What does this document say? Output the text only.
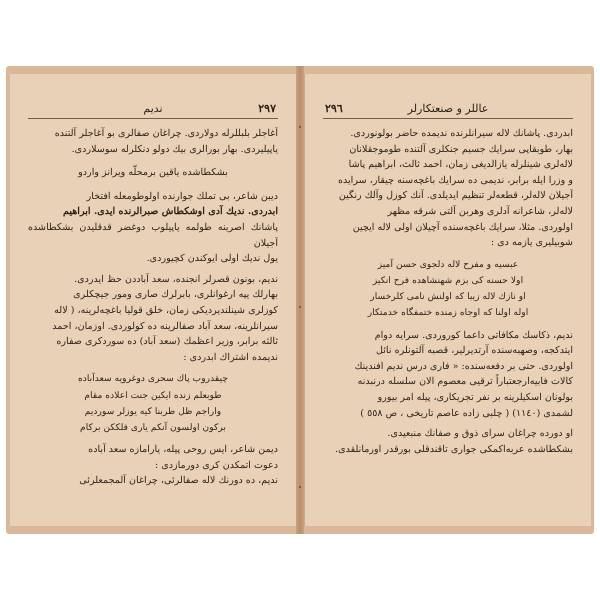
٢٩٧
ندیم

آغاجلر بلبللرله دولاردی. چراغان صفالری بو آغاجلر آلتنده

یاپیلیردی. بهار بورالری بیك دولو دنكلرله سوسلاردی.

بشكطاشده یاقین برمحلّه ویرانز واردو

دیبن شاعر، بی تملك جوارنده اولوطومعله افتخار

ابدردی. ندیك آدی اوشكطاش صبرالرنده ایدی. ابراهیم

پاشانك اصرینه طولمه یاپیلوب دوغضر قدقلیدن بشكطاشده آجیلان

یول ندیك اولی ایوكندن كچیوردی.

ندیم، بونون قصرلر انجنده، سعد آباددن حظ ایدردی.

بهارلك یپه ارغوانلری، بابرلرك صاری ومور جیچكلری

كوزلری شینلندیردیكی زمان، خلق قولیا باغچه‌لرینه، ( لاله

سیرانلرینه، سعد آباد صفالرینه ده كولوردی. اوزمان، احمد

ثالثه برابر، وزیر اعظمك (سعد آباد) ده سوردكری صفاره

ندیمده اشتراك ابدردی :

چیقدروب پاك سحری دوغرویه سعدآباده

طوبعلم زنده ایكین جنت اعلاده مقام

واراجم ظل طربنا كیه یوزلر سوردیم

برکون اولسون آنكم یاری فلككن بركام

دیمن شاعر، ایس روحی پیله، یارامازه سعد آباده

دعوت اتمكدن كری دورمازدی :

ندیم، ده دورنك لاله صفالرئی، چراغان آلمجمعلرئی

٢٩٦	عاللر و صنعتكارلر

ابدردی. پاشانك لاله سیرانلرنده ندیمده حاضر بولونوردی.

بهار، طوبقاپی سرایك جسیم جنكلری آلتنده طوموجقلانان

لاله‌لری شینلرله یازالدیغی زمان، احمد ثالث، ابراهیم پاشا

و وزرا ایله برابر، ندیمی ده سرایك باغچه‌سنه چیقار، سرایده

آجیلان لاله‌لر، قطعه‌لر تنظیم ایدیلدی. آنك كوزل وآلك رنگین

لاله‌لر، شاعرانه آدلری وهربن آلتی شرقه مظهر

اولوردی. مثلا، سرایك باغچه‌سنده آچیلان اولی لاله ایچین

شوبیلیری یازمه دی :

عبسیه و مفرح لاله دلجوی حسن آمیز

اولا حسنه کی بزم شهنشاهده فرح انكیز

او نازك لاله زیبا که اولنش نامی کلرخسار

اوله اولنا که اوجاه زمنده ختمفگاه خدمتكار

ندیم، ذكاسك مكافاتی داعما كوروردی. سرایه دوام

ایتدكجه، وصهبه‌سنده آرتدیرلیر، قصبه آلتونلره نائل

اولوردی. حتی بر دفعه‌سنده: « فاری درس ندیم افندینك

كالات فابیه‌ارجعتباراً ترقیی معصوم الان سلسله درنبدنه

بولونان اسكیلرینه بر نفر تجریكاری، پیله امر بیورو

لشمدی (١١٤٠) ( چلبی زاده عاصم تاریخی ، ص ٥٥٨ )

او دورده چراغان سرای ذوق و صفانك منبعیدی.

بشكطاشده عربه‌اكمكی جواری تاقندقلی بورقدر اورمانلقدی.
